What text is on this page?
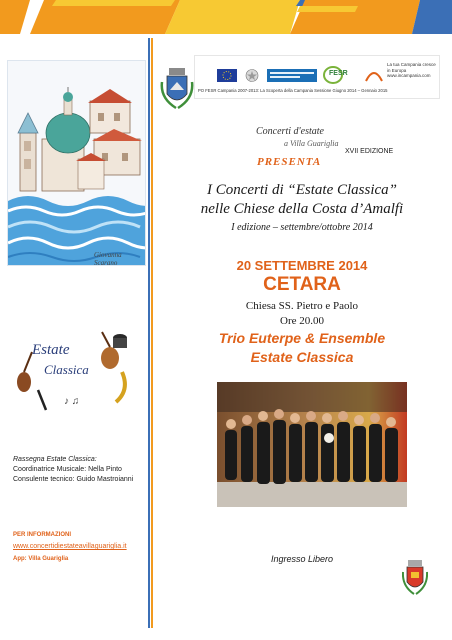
Giovanna Scarano
♪ ♫
Estate
Classica
Rassegna Estate Classica:
Coordinatrice Musicale: Nella Pinto
Consulente tecnico: Guido Mastroianni
PER INFORMAZIONI
www.concertidiestateavillaguariglia.it
App: Villa Guariglia
FESR
La tua Campania cresce in Europa www.incampania.com
PO FESR Campania 2007-2013: La Scoperta della Campania Sessione Giugno 2014 – Gennaio 2015
Concerti d'estate
a Villa Guariglia
XVII EDIZIONE
PRESENTA
I Concerti di “Estate Classica”
nelle Chiese della Costa d’Amalfi
I edizione – settembre/ottobre 2014
20 SETTEMBRE 2014
CETARA
Chiesa SS. Pietro e Paolo
Ore 20.00
Trio Euterpe & Ensemble
Estate Classica
Ingresso Libero
